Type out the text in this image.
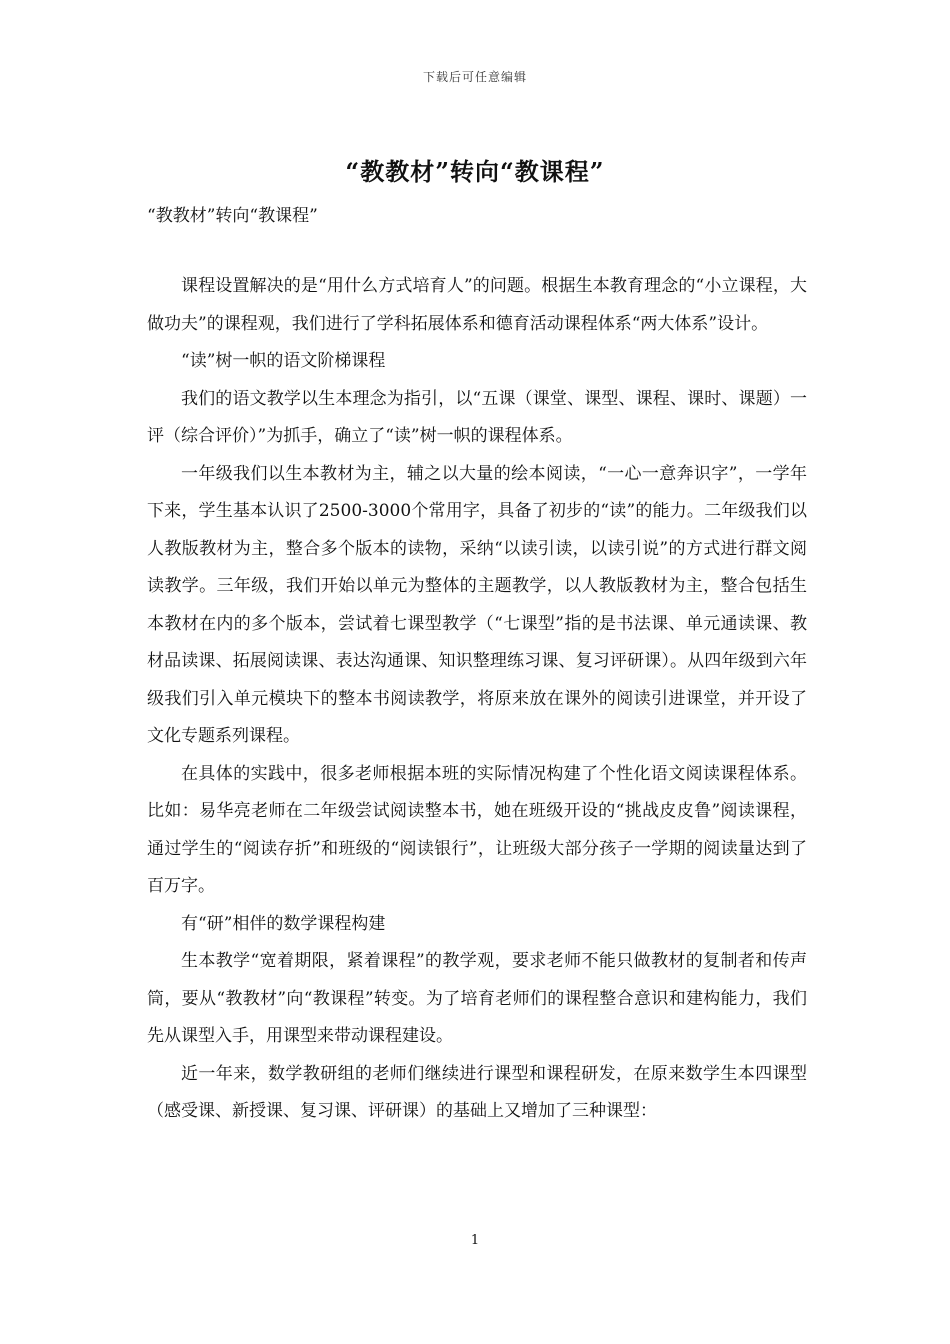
下载后可任意编辑
“教教材”转向“教课程”

“教教材”转向“教课程”

课程设置解决的是“用什么方式培育人”的问题。根据生本教育理念的“小立课程，大做功夫”的课程观，我们进行了学科拓展体系和德育活动课程体系“两大体系”设计。

“读”树一帜的语文阶梯课程

我们的语文教学以生本理念为指引，以“五课（课堂、课型、课程、课时、课题）一评（综合评价）”为抓手，确立了“读”树一帜的课程体系。

一年级我们以生本教材为主，辅之以大量的绘本阅读，“一心一意奔识字”，一学年下来，学生基本认识了2500-3000个常用字，具备了初步的“读”的能力。二年级我们以人教版教材为主，整合多个版本的读物，采纳“以读引读，以读引说”的方式进行群文阅读教学。三年级，我们开始以单元为整体的主题教学，以人教版教材为主，整合包括生本教材在内的多个版本，尝试着七课型教学（“七课型”指的是书法课、单元通读课、教材品读课、拓展阅读课、表达沟通课、知识整理练习课、复习评研课）。从四年级到六年级我们引入单元模块下的整本书阅读教学，将原来放在课外的阅读引进课堂，并开设了文化专题系列课程。

在具体的实践中，很多老师根据本班的实际情况构建了个性化语文阅读课程体系。比如：易华亮老师在二年级尝试阅读整本书，她在班级开设的“挑战皮皮鲁”阅读课程，通过学生的“阅读存折”和班级的“阅读银行”，让班级大部分孩子一学期的阅读量达到了百万字。

有“研”相伴的数学课程构建

生本教学“宽着期限，紧着课程”的教学观，要求老师不能只做教材的复制者和传声筒，要从“教教材”向“教课程”转变。为了培育老师们的课程整合意识和建构能力，我们先从课型入手，用课型来带动课程建设。

近一年来，数学教研组的老师们继续进行课型和课程研发，在原来数学生本四课型（感受课、新授课、复习课、评研课）的基础上又增加了三种课型：

1
